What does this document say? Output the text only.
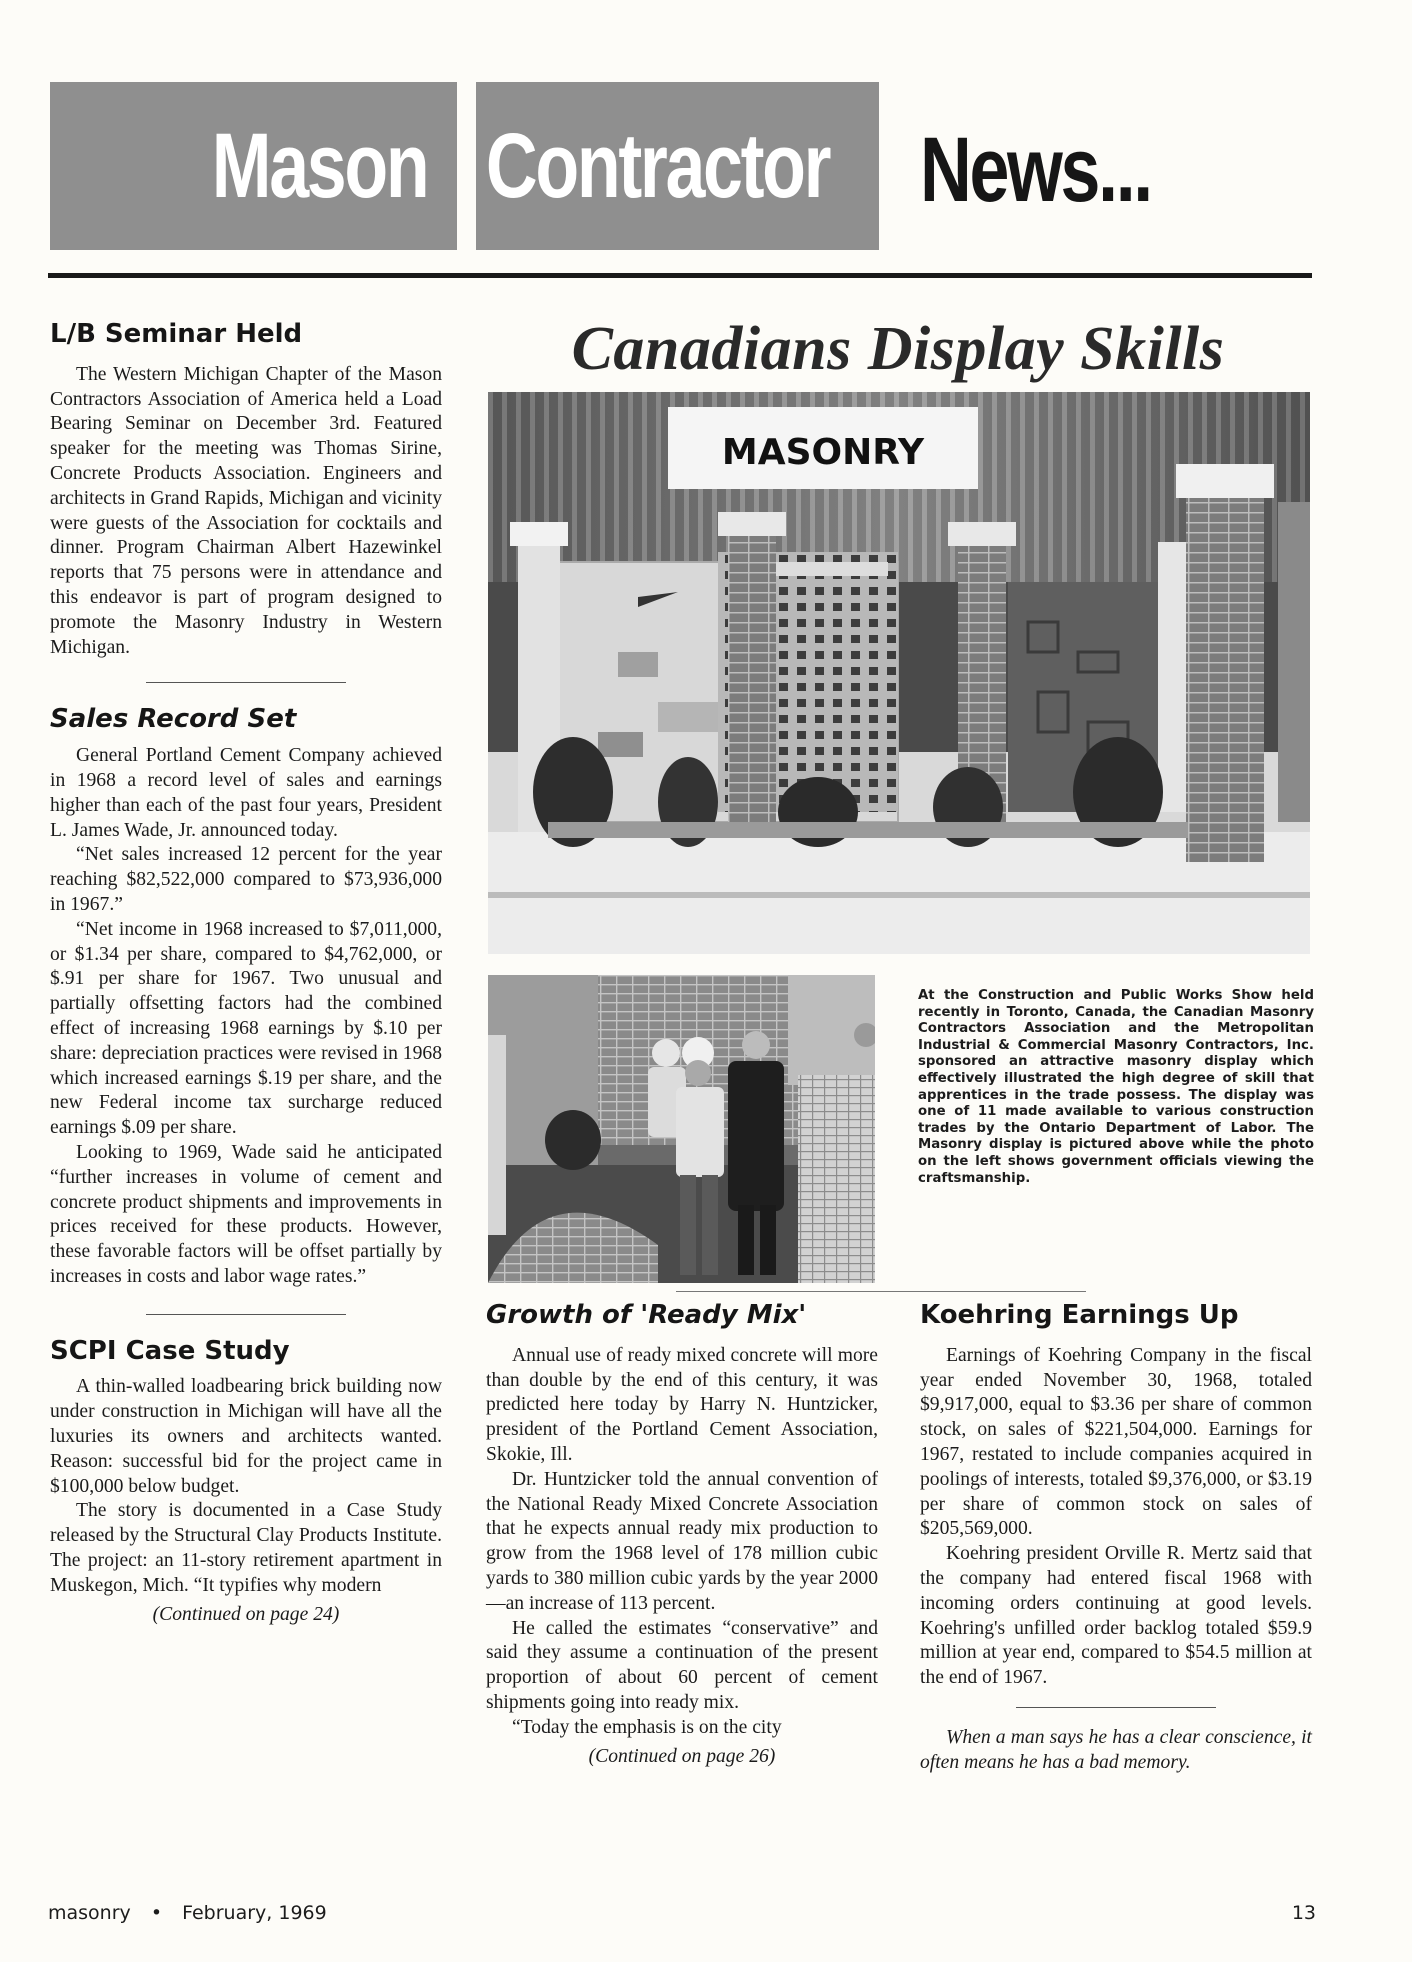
Mason Contractor News...
L/B Seminar Held

The Western Michigan Chapter of the Mason Contractors Association of America held a Load Bearing Seminar on December 3rd. Featured speaker for the meeting was Thomas Sirine, Concrete Products Association. Engineers and architects in Grand Rapids, Michigan and vicinity were guests of the Association for cocktails and dinner. Program Chairman Albert Hazewinkel reports that 75 persons were in attendance and this endeavor is part of program designed to promote the Masonry Industry in Western Michigan.

Sales Record Set

General Portland Cement Company achieved in 1968 a record level of sales and earnings higher than each of the past four years, President L. James Wade, Jr. announced today.

“Net sales increased 12 percent for the year reaching $82,522,000 compared to $73,936,000 in 1967.”

“Net income in 1968 increased to $7,011,000, or $1.34 per share, compared to $4,762,000, or $.91 per share for 1967. Two unusual and partially offsetting factors had the combined effect of increasing 1968 earnings by $.10 per share: depreciation practices were revised in 1968 which increased earnings $.19 per share, and the new Federal income tax surcharge reduced earnings $.09 per share.

Looking to 1969, Wade said he anticipated “further increases in volume of cement and concrete product shipments and improvements in prices received for these products. However, these favorable factors will be offset partially by increases in costs and labor wage rates.”

SCPI Case Study

A thin-walled loadbearing brick building now under construction in Michigan will have all the luxuries its owners and architects wanted. Reason: successful bid for the project came in $100,000 below budget.

The story is documented in a Case Study released by the Structural Clay Products Institute. The project: an 11-story retirement apartment in Muskegon, Mich. “It typifies why modern

(Continued on page 24)

Canadians Display Skills
MASONRY
At the Construction and Public Works Show held recently in Toronto, Canada, the Canadian Masonry Contractors Association and the Metropolitan Industrial & Commercial Masonry Contractors, Inc. sponsored an attractive masonry display which effectively illustrated the high degree of skill that apprentices in the trade possess. The display was one of 11 made available to various construction trades by the Ontario Department of Labor. The Masonry display is pictured above while the photo on the left shows government officials viewing the craftsmanship.
Growth of 'Ready Mix'

Annual use of ready mixed concrete will more than double by the end of this century, it was predicted here today by Harry N. Huntzicker, president of the Portland Cement Association, Skokie, Ill.

Dr. Huntzicker told the annual convention of the National Ready Mixed Concrete Association that he expects annual ready mix production to grow from the 1968 level of 178 million cubic yards to 380 million cubic yards by the year 2000—an increase of 113 percent.

He called the estimates “conservative” and said they assume a continuation of the present proportion of about 60 percent of cement shipments going into ready mix.

“Today the emphasis is on the city

(Continued on page 26)

Koehring Earnings Up

Earnings of Koehring Company in the fiscal year ended November 30, 1968, totaled $9,917,000, equal to $3.36 per share of common stock, on sales of $221,504,000. Earnings for 1967, restated to include companies acquired in poolings of interests, totaled $9,376,000, or $3.19 per share of common stock on sales of $205,569,000.

Koehring president Orville R. Mertz said that the company had entered fiscal 1968 with incoming orders continuing at good levels. Koehring's unfilled order backlog totaled $59.9 million at year end, compared to $54.5 million at the end of 1967.

When a man says he has a clear conscience, it often means he has a bad memory.

masonry • February, 1969	13
